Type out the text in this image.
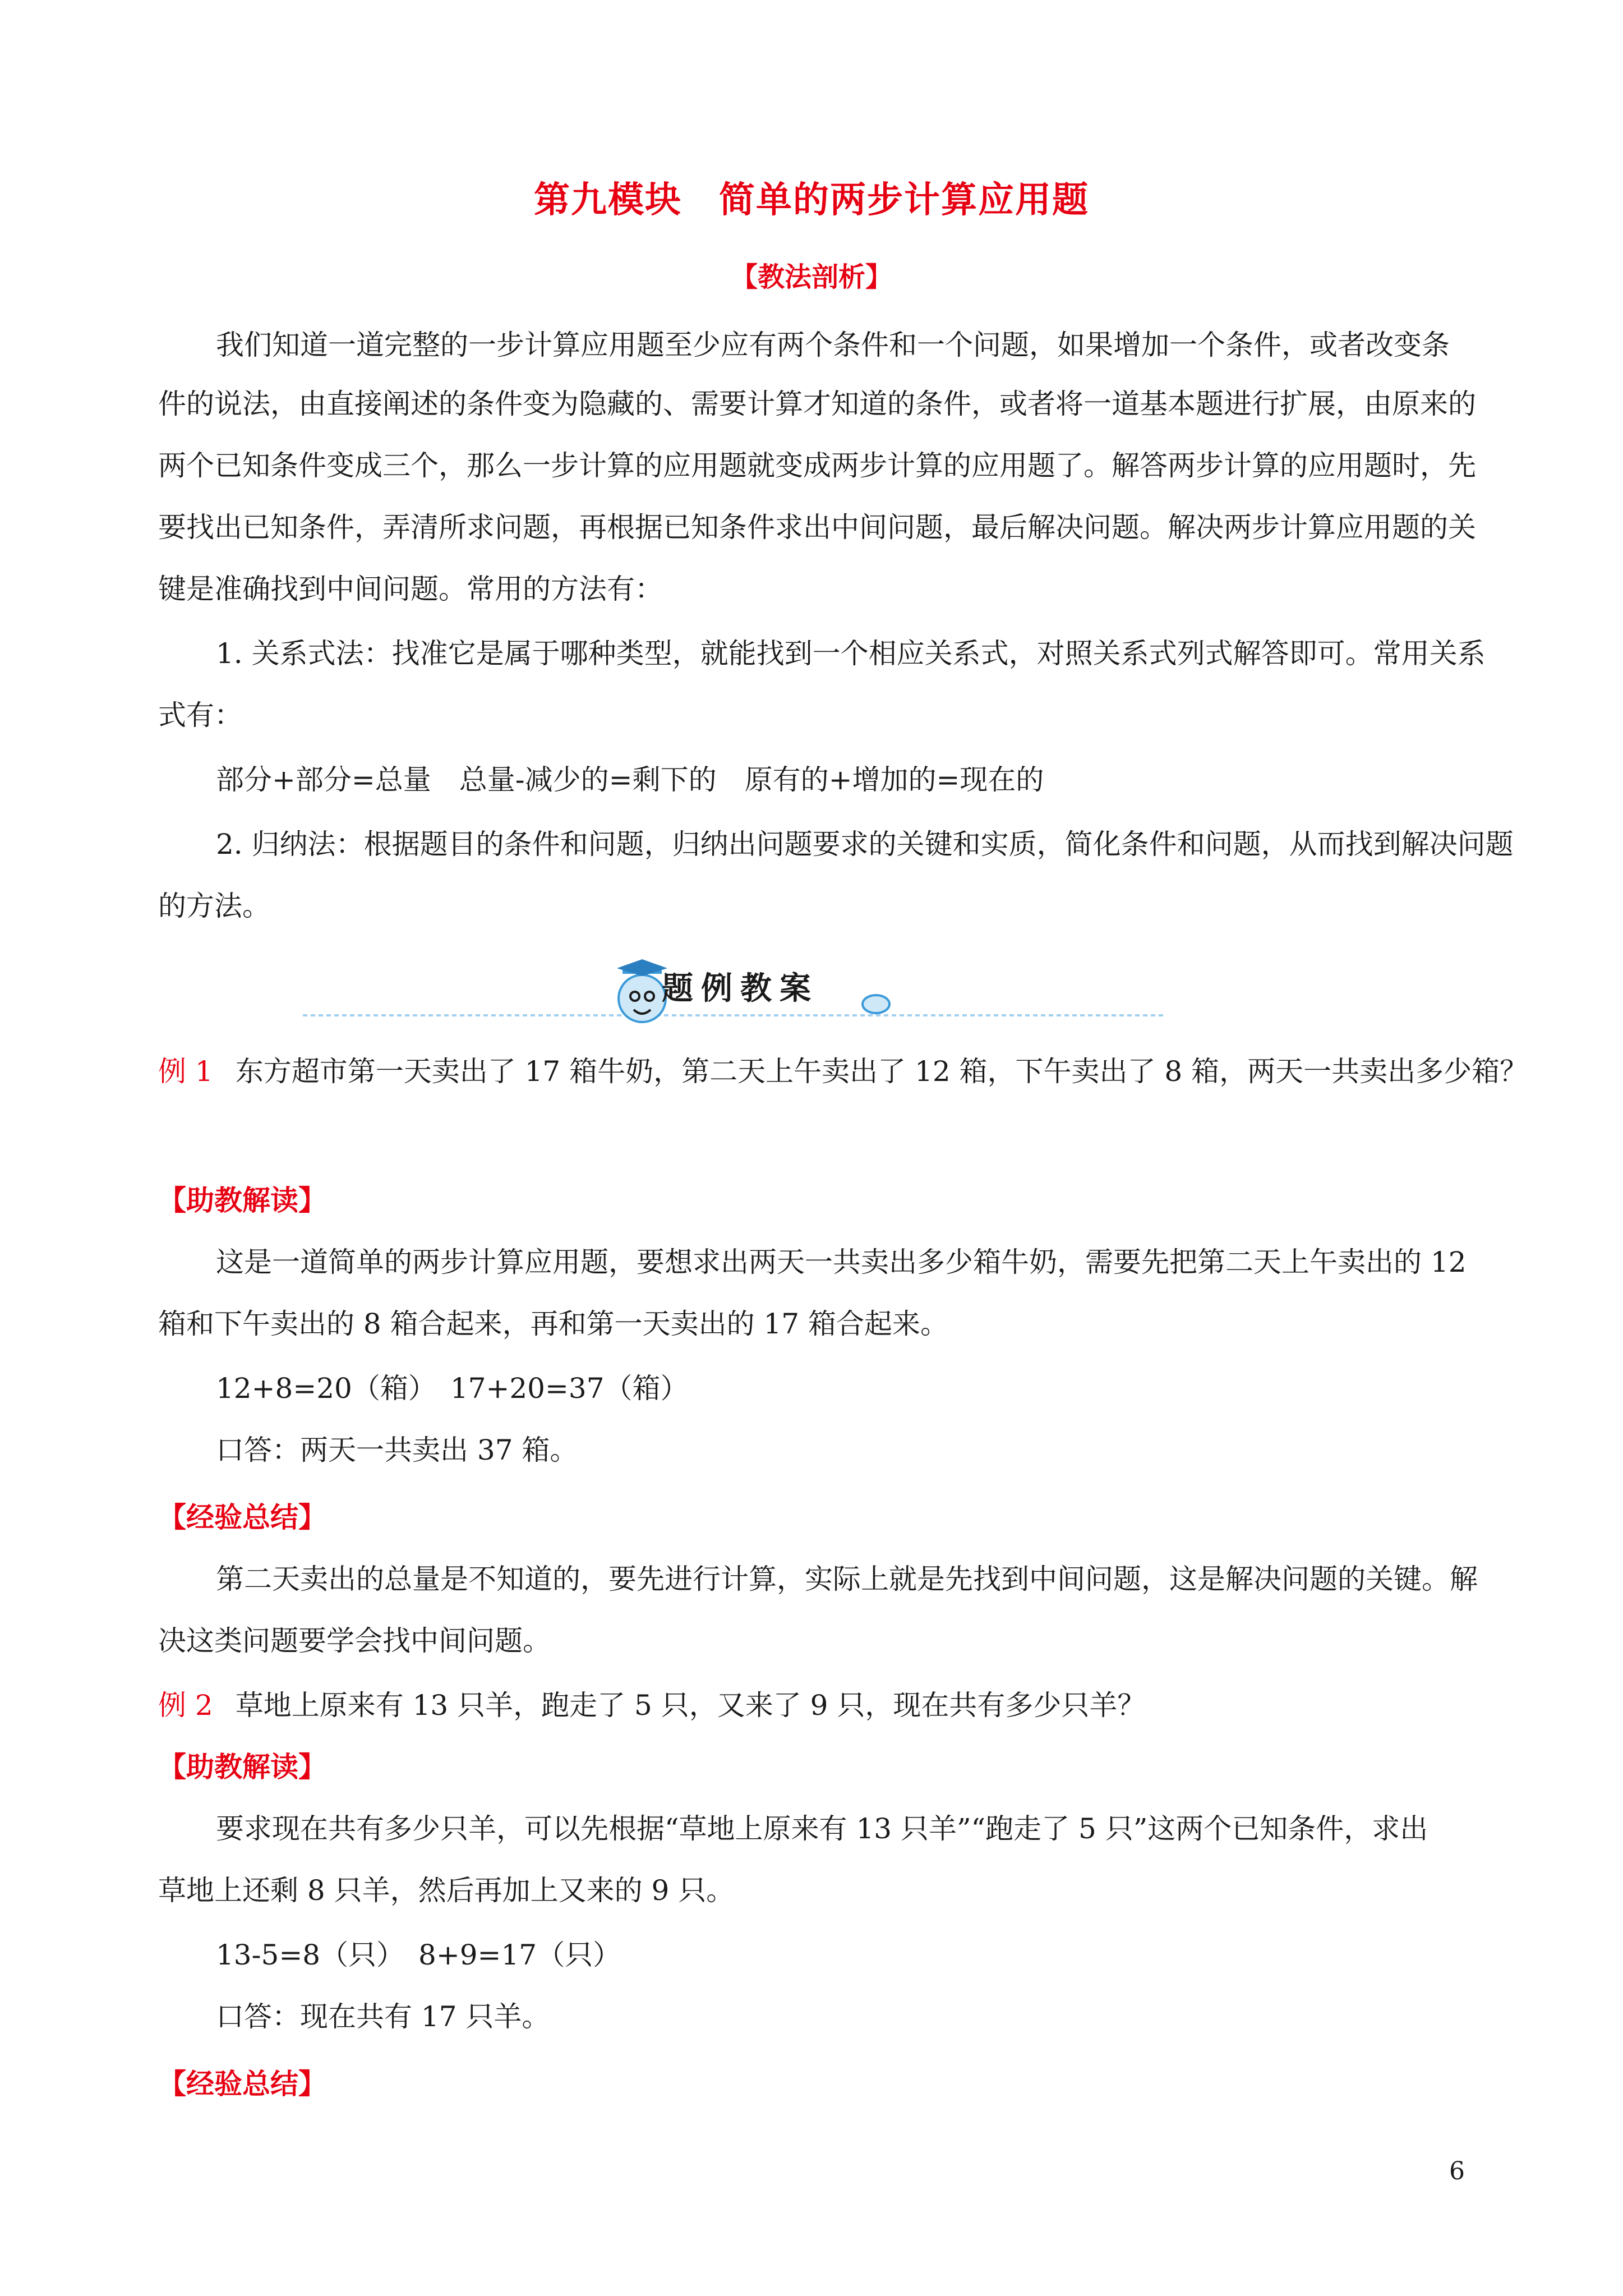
第九模块　简单的两步计算应用题
【教法剖析】
我们知道一道完整的一步计算应用题至少应有两个条件和一个问题，如果增加一个条件，或者改变条
件的说法，由直接阐述的条件变为隐藏的、需要计算才知道的条件，或者将一道基本题进行扩展，由原来的
两个已知条件变成三个，那么一步计算的应用题就变成两步计算的应用题了。解答两步计算的应用题时，先
要找出已知条件，弄清所求问题，再根据已知条件求出中间问题，最后解决问题。解决两步计算应用题的关
键是准确找到中间问题。常用的方法有：
1. 关系式法：找准它是属于哪种类型，就能找到一个相应关系式，对照关系式列式解答即可。常用关系
式有：
部分+部分=总量　总量-减少的=剩下的　原有的+增加的=现在的
2. 归纳法：根据题目的条件和问题，归纳出问题要求的关键和实质，简化条件和问题，从而找到解决问题
的方法。
题例教案
例 1 东方超市第一天卖出了 17 箱牛奶，第二天上午卖出了 12 箱，下午卖出了 8 箱，两天一共卖出多少箱？
【助教解读】
这是一道简单的两步计算应用题，要想求出两天一共卖出多少箱牛奶，需要先把第二天上午卖出的 12
箱和下午卖出的 8 箱合起来，再和第一天卖出的 17 箱合起来。
12+8=20（箱）　17+20=37（箱）
口答：两天一共卖出 37 箱。
【经验总结】
第二天卖出的总量是不知道的，要先进行计算，实际上就是先找到中间问题，这是解决问题的关键。解
决这类问题要学会找中间问题。
例 2 草地上原来有 13 只羊，跑走了 5 只，又来了 9 只，现在共有多少只羊？
【助教解读】
要求现在共有多少只羊，可以先根据“草地上原来有 13 只羊”“跑走了 5 只”这两个已知条件，求出
草地上还剩 8 只羊，然后再加上又来的 9 只。
13-5=8（只）　8+9=17（只）
口答：现在共有 17 只羊。
【经验总结】
6
